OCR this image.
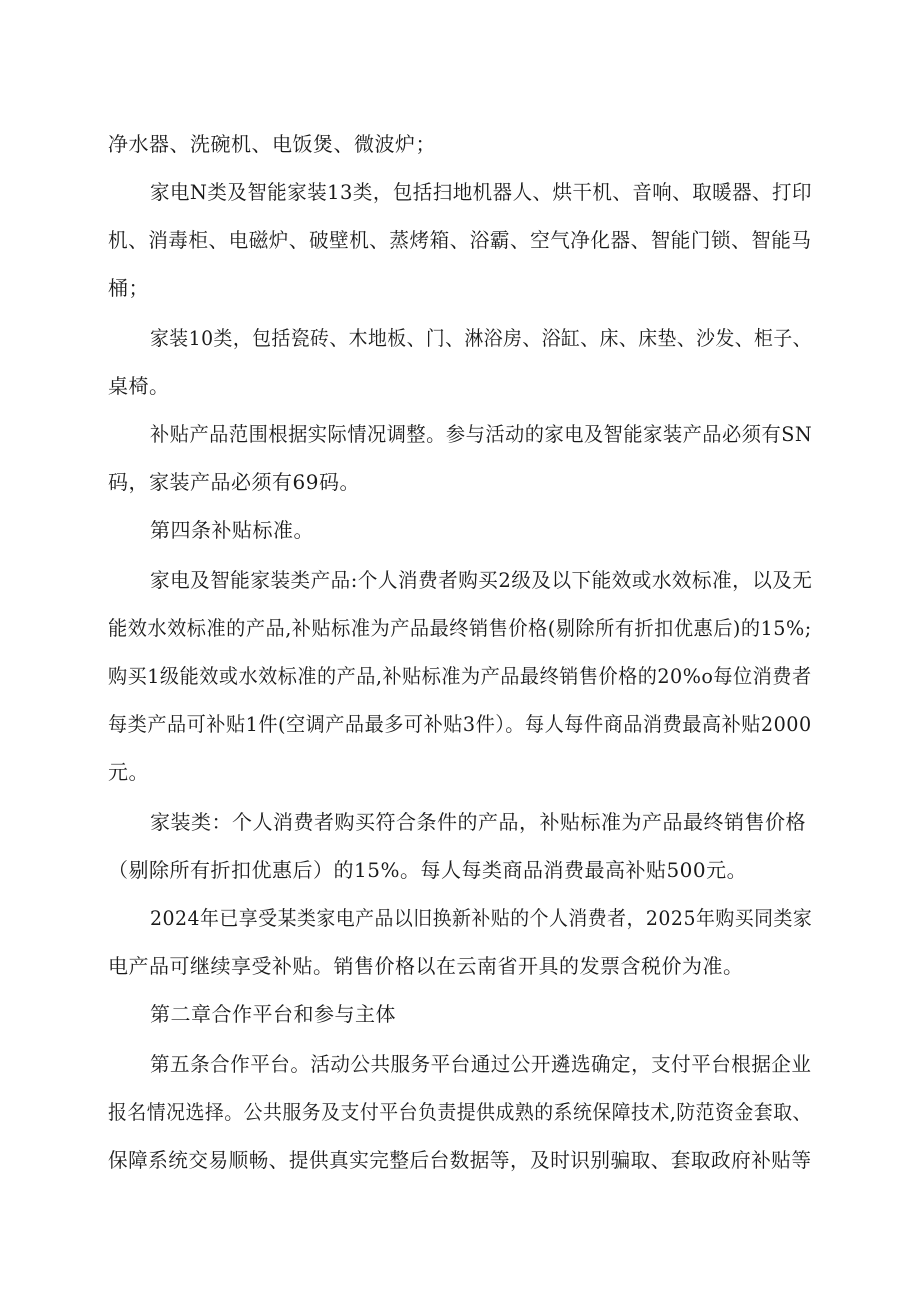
净水器、洗碗机、电饭煲、微波炉；
家电N类及智能家装13类，包括扫地机器人、烘干机、音响、取暖器、打印
机、消毒柜、电磁炉、破壁机、蒸烤箱、浴霸、空气净化器、智能门锁、智能马
桶；
家装10类，包括瓷砖、木地板、门、淋浴房、浴缸、床、床垫、沙发、柜子、
桌椅。
补贴产品范围根据实际情况调整。参与活动的家电及智能家装产品必须有SN
码，家装产品必须有69码。
第四条补贴标准。
家电及智能家装类产品:个人消费者购买2级及以下能效或水效标准，以及无
能效水效标准的产品,补贴标准为产品最终销售价格(剔除所有折扣优惠后)的15%;
购买1级能效或水效标准的产品,补贴标准为产品最终销售价格的20%o每位消费者
每类产品可补贴1件(空调产品最多可补贴3件）。每人每件商品消费最高补贴2000
元。
家装类：个人消费者购买符合条件的产品，补贴标准为产品最终销售价格
（剔除所有折扣优惠后）的15%。每人每类商品消费最高补贴500元。
2024年已享受某类家电产品以旧换新补贴的个人消费者，2025年购买同类家
电产品可继续享受补贴。销售价格以在云南省开具的发票含税价为准。
第二章合作平台和参与主体
第五条合作平台。活动公共服务平台通过公开遴选确定，支付平台根据企业
报名情况选择。公共服务及支付平台负责提供成熟的系统保障技术,防范资金套取、
保障系统交易顺畅、提供真实完整后台数据等，及时识别骗取、套取政府补贴等
